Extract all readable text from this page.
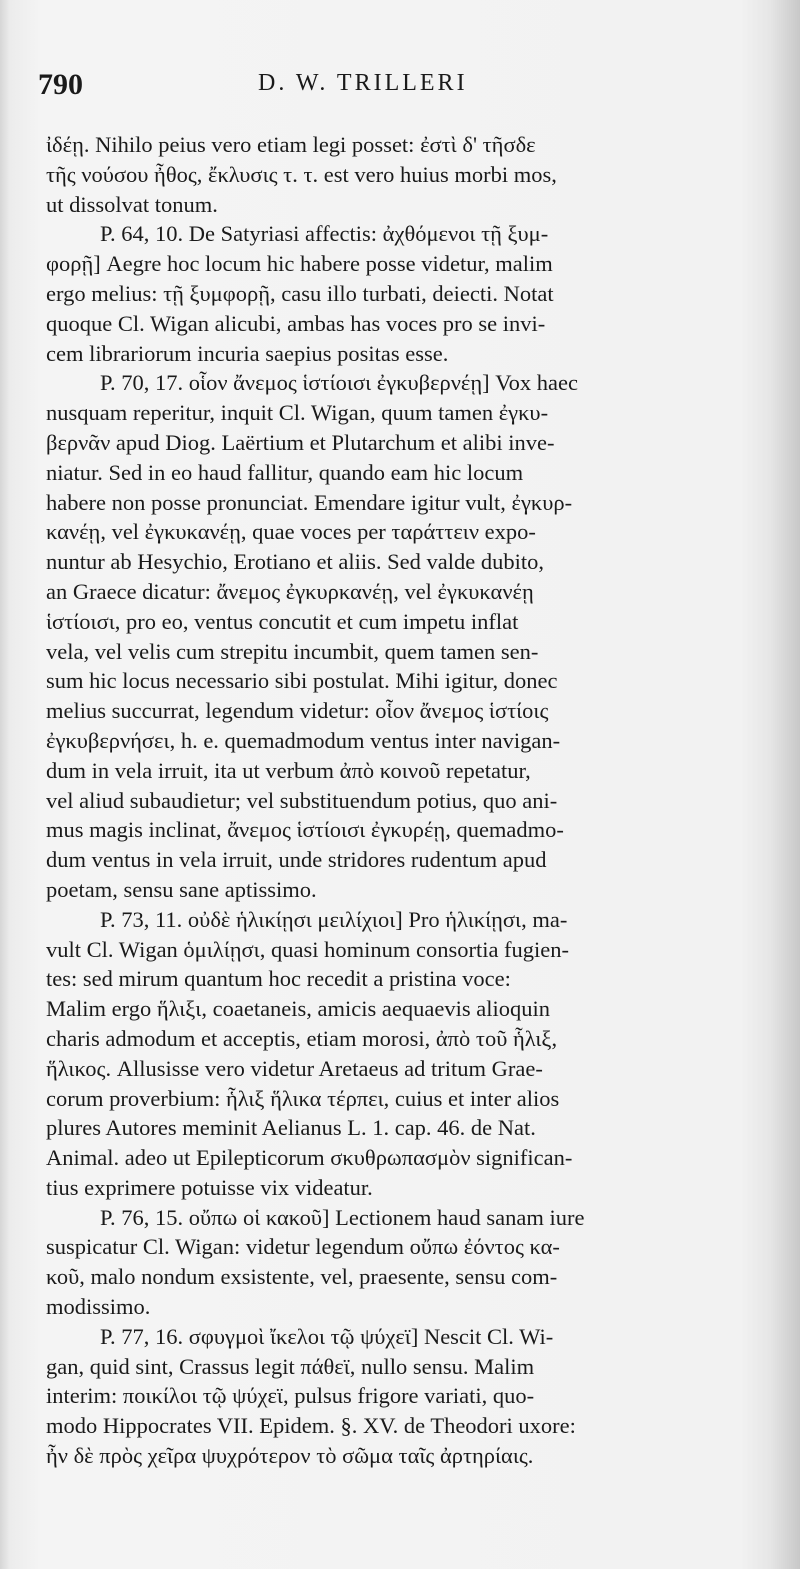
790	D. W. TRILLERI
ἰδέῃ. Nihilo peius vero etiam legi posset: ἐστὶ δ' τῆσδε
τῆς νούσου ἦθος, ἔκλυσις τ. τ. est vero huius morbi mos,
ut dissolvat tonum.
P. 64, 10. De Satyriasi affectis: ἀχθόμενοι τῇ ξυμ-
φορῇ] Aegre hoc locum hic habere posse videtur, malim
ergo melius: τῇ ξυμφορῇ, casu illo turbati, deiecti. Notat
quoque Cl. Wigan alicubi, ambas has voces pro se invi-
cem librariorum incuria saepius positas esse.
P. 70, 17. οἷον ἄνεμος ἱστίοισι ἐγκυβερνέῃ] Vox haec
nusquam reperitur, inquit Cl. Wigan, quum tamen ἐγκυ-
βερνᾶν apud Diog. Laërtium et Plutarchum et alibi inve-
niatur. Sed in eo haud fallitur, quando eam hic locum
habere non posse pronunciat. Emendare igitur vult, ἐγκυρ-
κανέῃ, vel ἐγκυκανέῃ, quae voces per ταράττειν expo-
nuntur ab Hesychio, Erotiano et aliis. Sed valde dubito,
an Graece dicatur: ἄνεμος ἐγκυρκανέῃ, vel ἐγκυκανέῃ
ἱστίοισι, pro eo, ventus concutit et cum impetu inflat
vela, vel velis cum strepitu incumbit, quem tamen sen-
sum hic locus necessario sibi postulat. Mihi igitur, donec
melius succurrat, legendum videtur: οἷον ἄνεμος ἱστίοις
ἐγκυβερνήσει, h. e. quemadmodum ventus inter navigan-
dum in vela irruit, ita ut verbum ἀπὸ κοινοῦ repetatur,
vel aliud subaudietur; vel substituendum potius, quo ani-
mus magis inclinat, ἄνεμος ἱστίοισι ἐγκυρέῃ, quemadmo-
dum ventus in vela irruit, unde stridores rudentum apud
poetam, sensu sane aptissimo.
P. 73, 11. οὐδὲ ἡλικίῃσι μειλίχιοι] Pro ἡλικίῃσι, ma-
vult Cl. Wigan ὁμιλίῃσι, quasi hominum consortia fugien-
tes: sed mirum quantum hoc recedit a pristina voce:
Malim ergo ἥλιξι, coaetaneis, amicis aequaevis alioquin
charis admodum et acceptis, etiam morosi, ἀπὸ τοῦ ἧλιξ,
ἥλικος. Allusisse vero videtur Aretaeus ad tritum Grae-
corum proverbium: ἧλιξ ἥλικα τέρπει, cuius et inter alios
plures Autores meminit Aelianus L. 1. cap. 46. de Nat.
Animal. adeo ut Epilepticorum σκυθρωπασμὸν significan-
tius exprimere potuisse vix videatur.
P. 76, 15. οὔπω οἱ κακοῦ] Lectionem haud sanam iure
suspicatur Cl. Wigan: videtur legendum οὔπω ἐόντος κα-
κοῦ, malo nondum exsistente, vel, praesente, sensu com-
modissimo.
P. 77, 16. σφυγμοὶ ἴκελοι τῷ ψύχεϊ] Nescit Cl. Wi-
gan, quid sint, Crassus legit πάθεϊ, nullo sensu. Malim
interim: ποικίλοι τῷ ψύχεϊ, pulsus frigore variati, quo-
modo Hippocrates VII. Epidem. §. XV. de Theodori uxore:
ἦν δὲ πρὸς χεῖρα ψυχρότερον τὸ σῶμα ταῖς ἀρτηρίαις.
